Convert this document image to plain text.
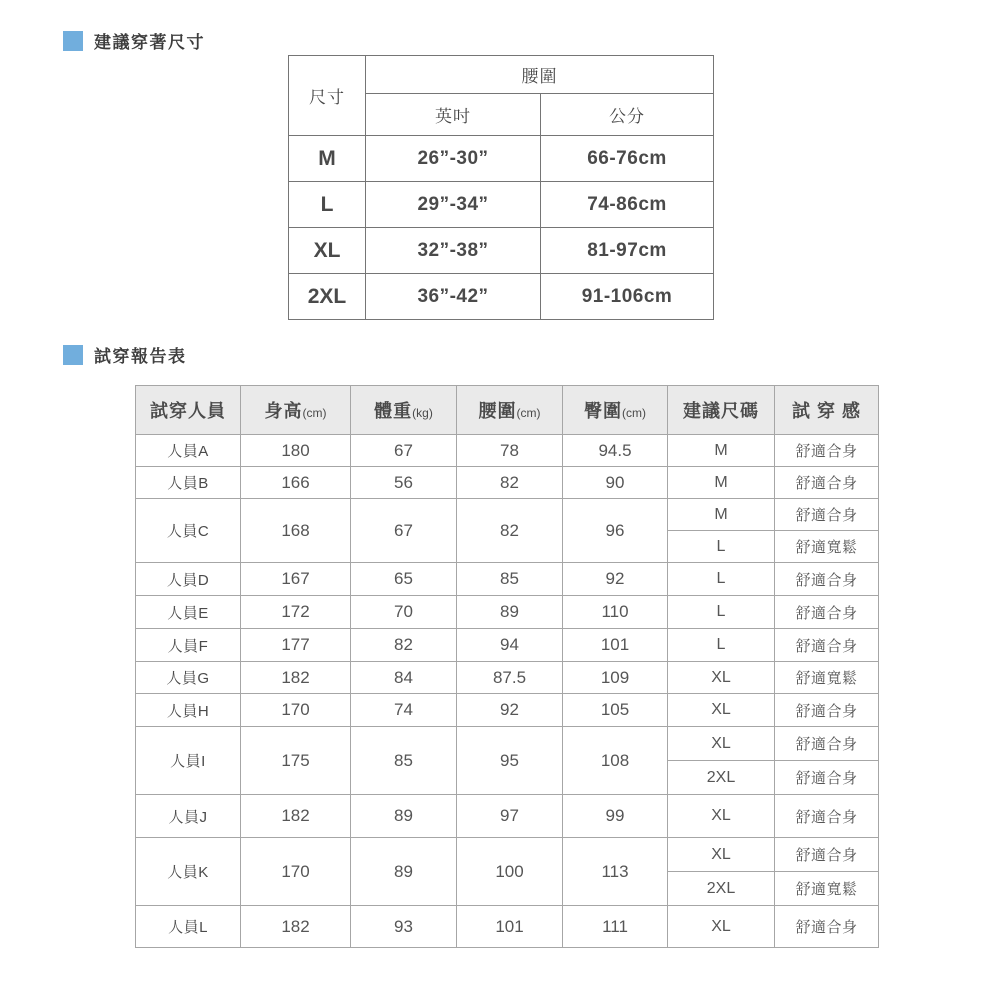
建議穿著尺寸
尺寸	腰圍	
	英吋	公分
M	26”-30”	66-76cm
L	29”-34”	74-86cm
XL	32”-38”	81-97cm
2XL	36”-42”	91-106cm
試穿報告表
試穿人員	身高(cm)	體重(kg)	腰圍(cm)	臀圍(cm)	建議尺碼	試 穿 感
人員A	180	67	78	94.5	M	舒適合身
人員B	166	56	82	90	M	舒適合身
人員C	168	67	82	96	M	舒適合身
					L	舒適寬鬆
人員D	167	65	85	92	L	舒適合身
人員E	172	70	89	110	L	舒適合身
人員F	177	82	94	101	L	舒適合身
人員G	182	84	87.5	109	XL	舒適寬鬆
人員H	170	74	92	105	XL	舒適合身
人員I	175	85	95	108	XL	舒適合身
					2XL	舒適合身
人員J	182	89	97	99	XL	舒適合身
人員K	170	89	100	113	XL	舒適合身
					2XL	舒適寬鬆
人員L	182	93	101	111	XL	舒適合身
